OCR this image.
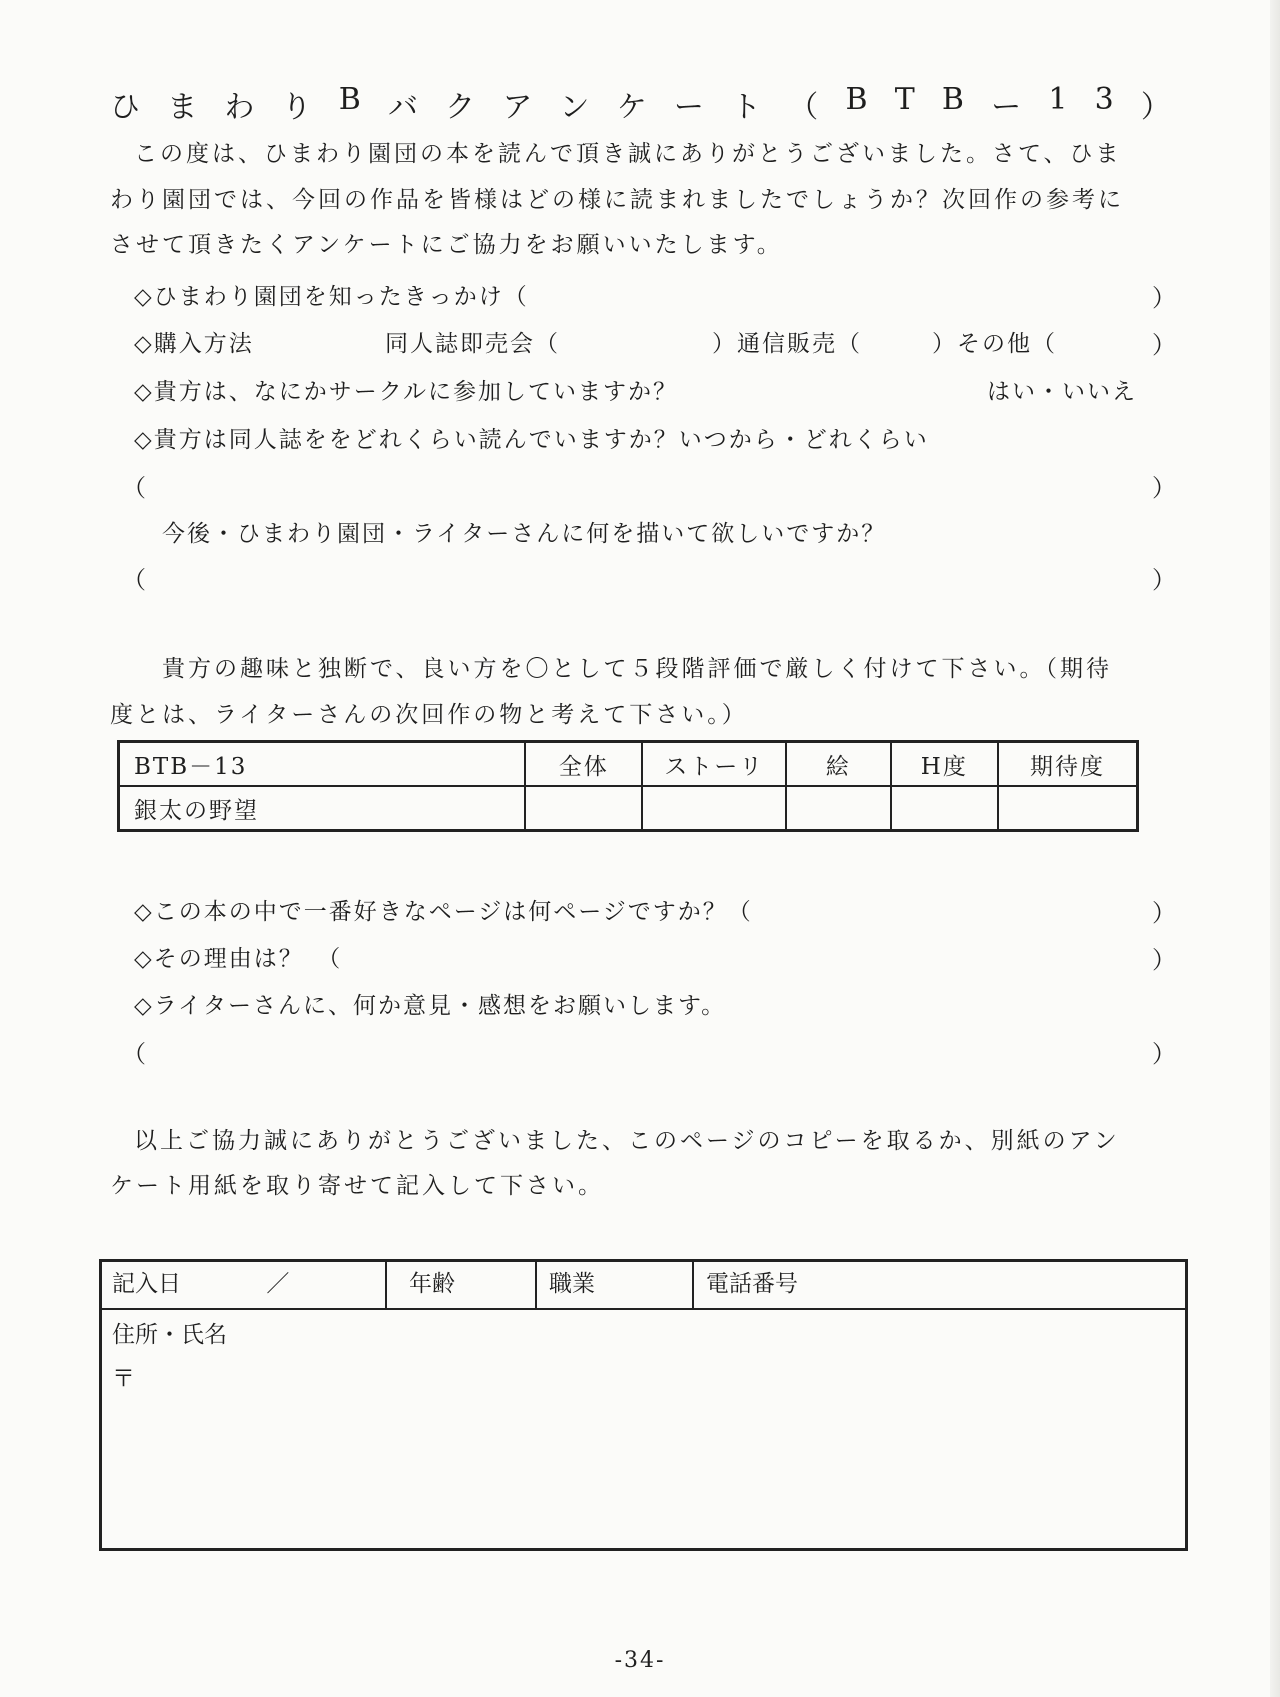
ひ ま わ り B バ ク ア ン ケ ー ト （ B T B ー 1 3 ）
この度は、ひまわり園団の本を読んで頂き誠にありがとうございました。さて、ひま
わり園団では、今回の作品を皆様はどの様に読まれましたでしょうか？次回作の参考に
させて頂きたくアンケートにご協力をお願いいたします。
◇ひまわり園団を知ったきっかけ（	）
◇購入方法	同人誌即売会（	）通信販売（	）その他（	）
◇貴方は、なにかサークルに参加していますか？	はい・いいえ
◇貴方は同人誌ををどれくらい読んでいますか？いつから・どれくらい
（	）
今後・ひまわり園団・ライターさんに何を描いて欲しいですか？
（	）
貴方の趣味と独断で、良い方を〇として５段階評価で厳しく付けて下さい。（期待
度とは、ライターさんの次回作の物と考えて下さい。）
BTB－13	全体	ストーリ	絵	H度	期待度
銀太の野望					
◇この本の中で一番好きなページは何ページですか？（	）
◇その理由は？　（	）
◇ライターさんに、何か意見・感想をお願いします。
（	）
以上ご協力誠にありがとうございました、このページのコピーを取るか、別紙のアン
ケート用紙を取り寄せて記入して下さい。
記入日	／	年齢	職業	電話番号
住所・氏名
〒
-34-
